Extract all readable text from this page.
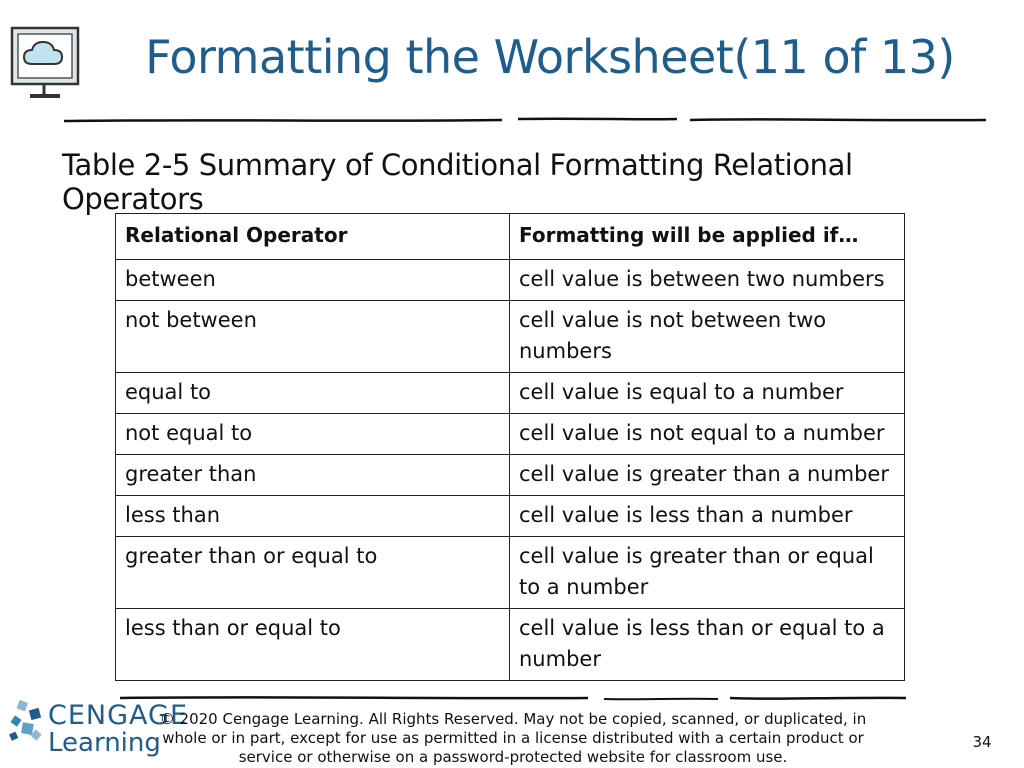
Formatting the Worksheet(11 of 13)
Table 2-5 Summary of Conditional Formatting Relational Operators
Relational Operator	Formatting will be applied if…
between	cell value is between two numbers
not between	cell value is not between two numbers
equal to	cell value is equal to a number
not equal to	cell value is not equal to a number
greater than	cell value is greater than a number
less than	cell value is less than a number
greater than or equal to	cell value is greater than or equal to a number
less than or equal to	cell value is less than or equal to a number
CENGAGE
Learning
© 2020 Cengage Learning. All Rights Reserved. May not be copied, scanned, or duplicated, in whole or in part, except for use as permitted in a license distributed with a certain product or service or otherwise on a password-protected website for classroom use.
34
